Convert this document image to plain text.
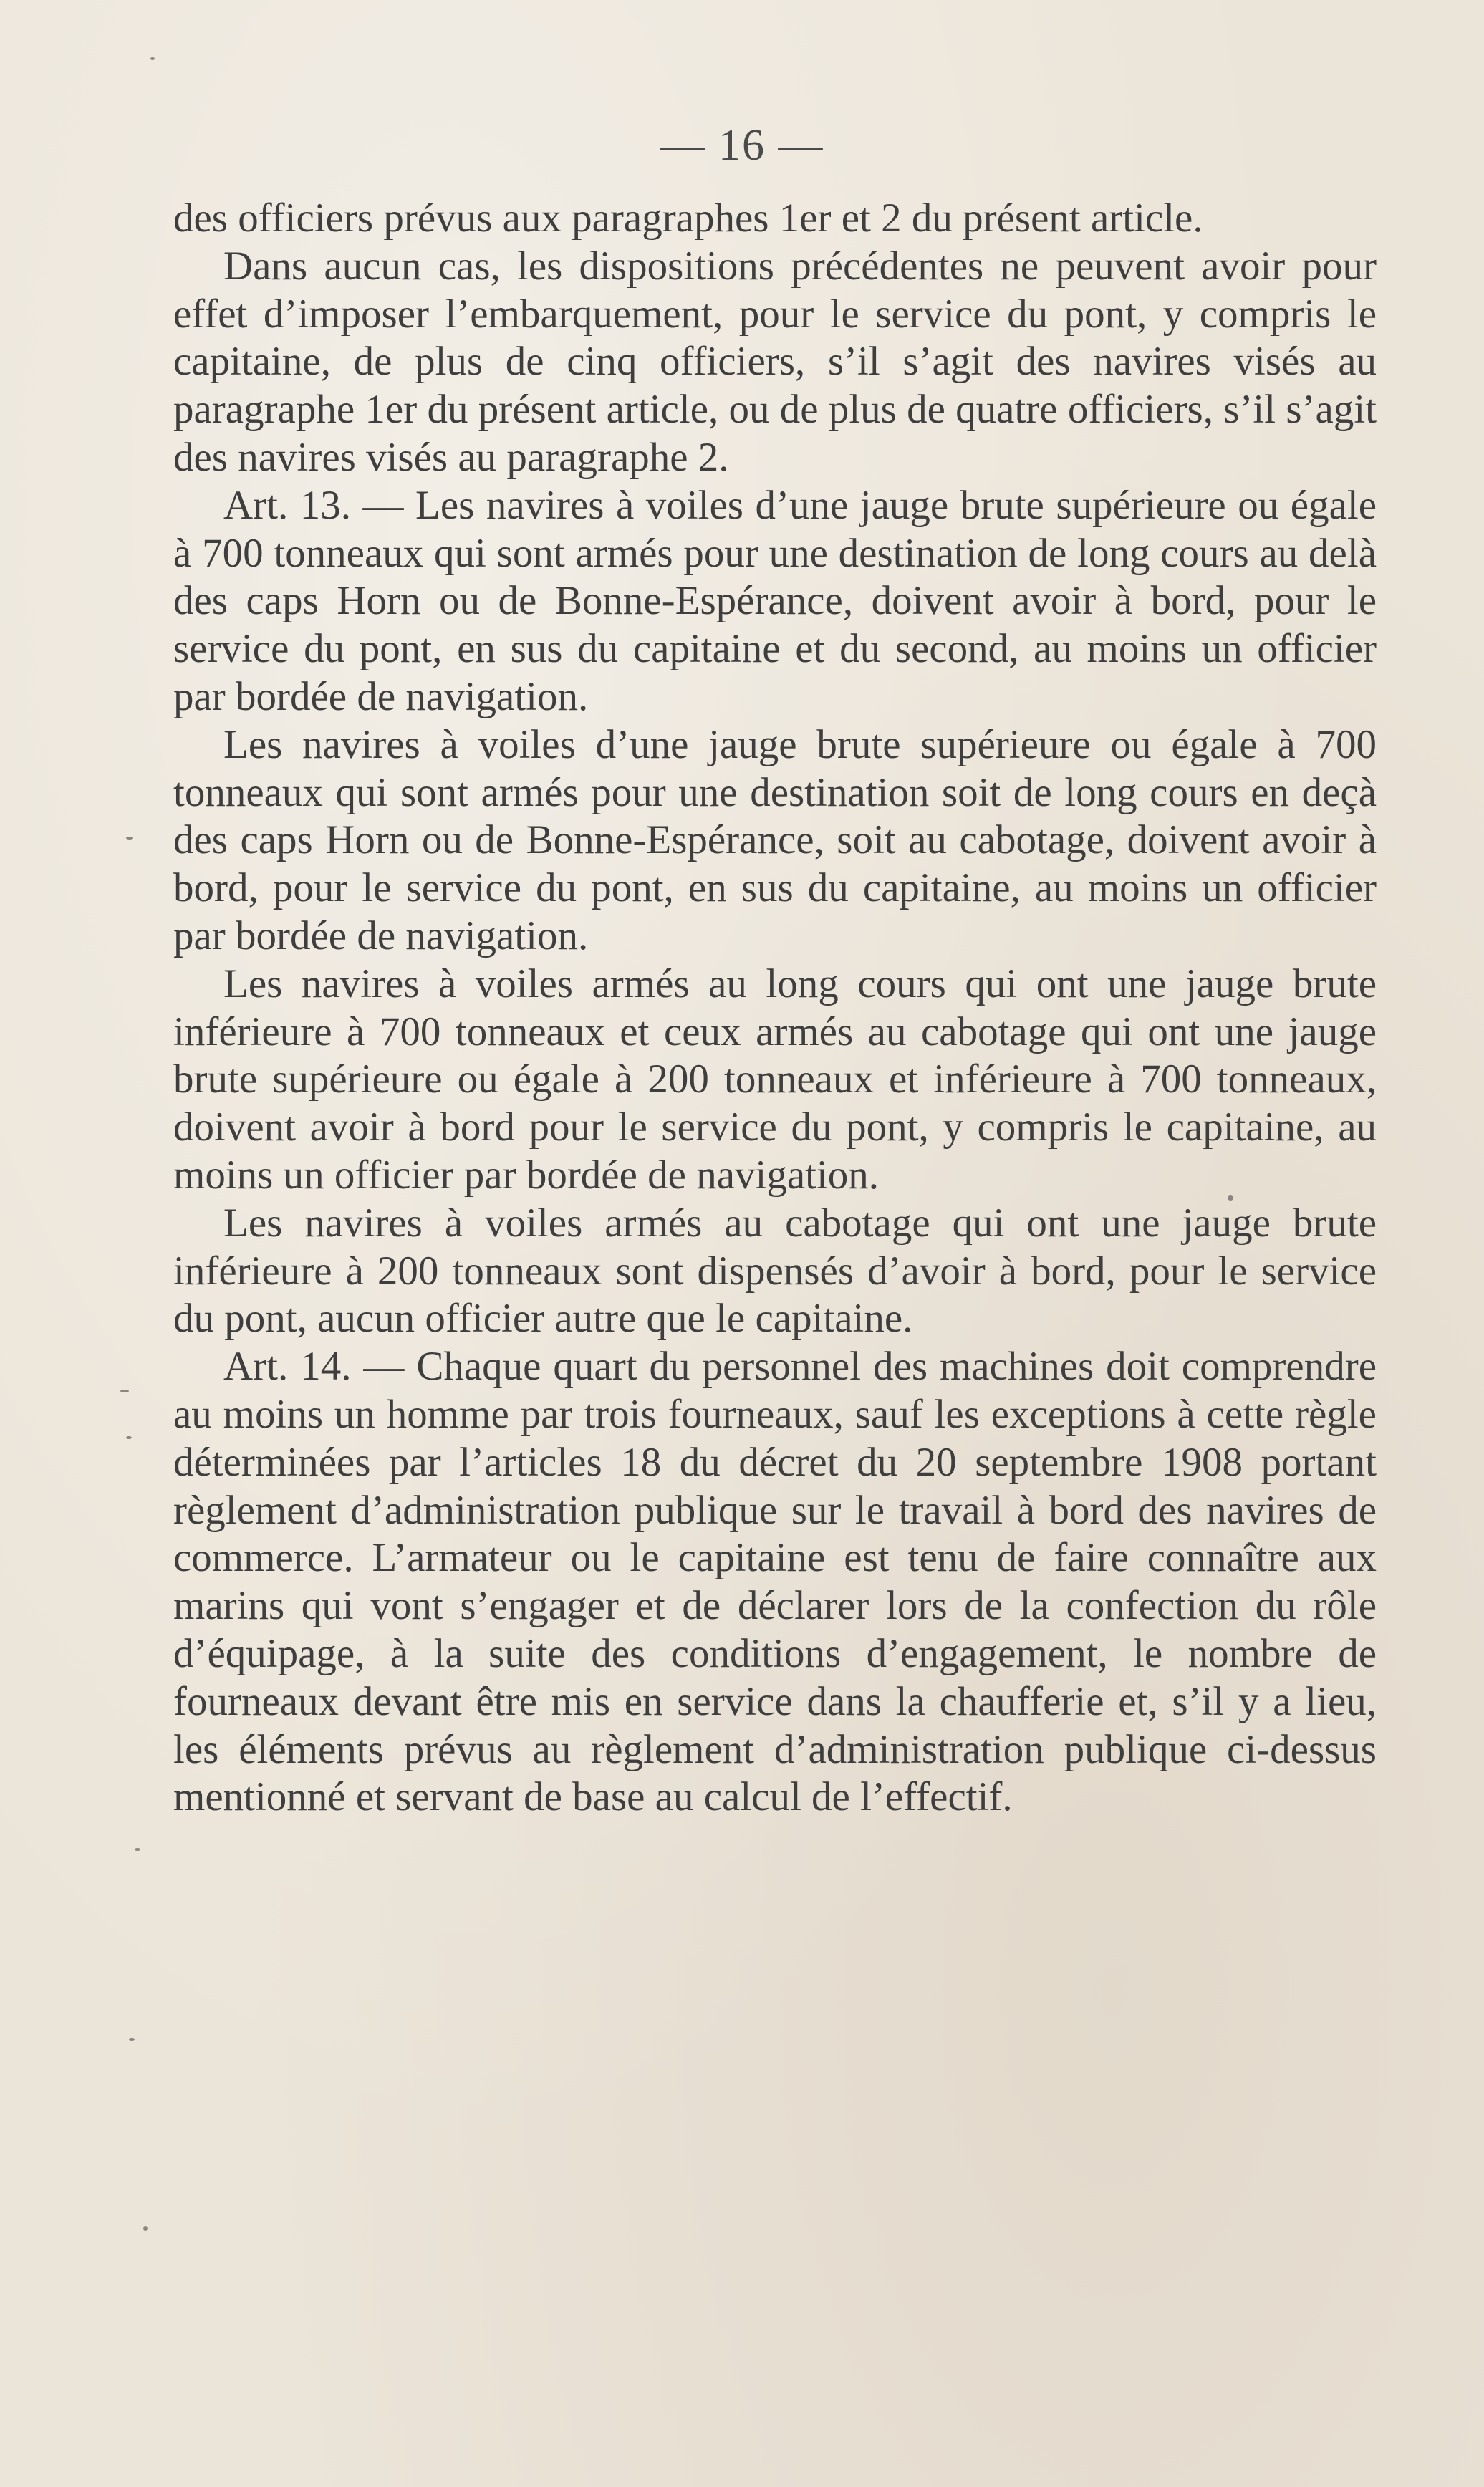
— 16 —

des officiers prévus aux paragraphes 1er et 2 du présent article.

Dans aucun cas, les dispositions précédentes ne peuvent avoir pour effet d’imposer l’embarquement, pour le service du pont, y compris le capitaine, de plus de cinq officiers, s’il s’agit des navires visés au paragraphe 1er du présent article, ou de plus de quatre officiers, s’il s’agit des navires visés au paragraphe 2.

Art. 13. — Les navires à voiles d’une jauge brute supérieure ou égale à 700 tonneaux qui sont armés pour une destination de long cours au delà des caps Horn ou de Bonne-Espérance, doivent avoir à bord, pour le service du pont, en sus du capitaine et du second, au moins un officier par bordée de navigation.

Les navires à voiles d’une jauge brute supérieure ou égale à 700 tonneaux qui sont armés pour une destination soit de long cours en deçà des caps Horn ou de Bonne-Espérance, soit au cabotage, doivent avoir à bord, pour le service du pont, en sus du capitaine, au moins un officier par bordée de navigation.

Les navires à voiles armés au long cours qui ont une jauge brute inférieure à 700 tonneaux et ceux armés au cabotage qui ont une jauge brute supérieure ou égale à 200 tonneaux et inférieure à 700 tonneaux, doivent avoir à bord pour le service du pont, y compris le capitaine, au moins un officier par bordée de navigation.

Les navires à voiles armés au cabotage qui ont une jauge brute inférieure à 200 tonneaux sont dispensés d’avoir à bord, pour le service du pont, aucun officier autre que le capitaine.

Art. 14. — Chaque quart du personnel des machines doit comprendre au moins un homme par trois fourneaux, sauf les exceptions à cette règle déterminées par l’articles 18 du décret du 20 septembre 1908 portant règlement d’administration publique sur le travail à bord des navires de commerce. L’armateur ou le capitaine est tenu de faire connaître aux marins qui vont s’engager et de déclarer lors de la confection du rôle d’équipage, à la suite des conditions d’engagement, le nombre de fourneaux devant être mis en service dans la chaufferie et, s’il y a lieu, les éléments prévus au règlement d’administration publique ci-dessus mentionné et servant de base au calcul de l’effectif.
